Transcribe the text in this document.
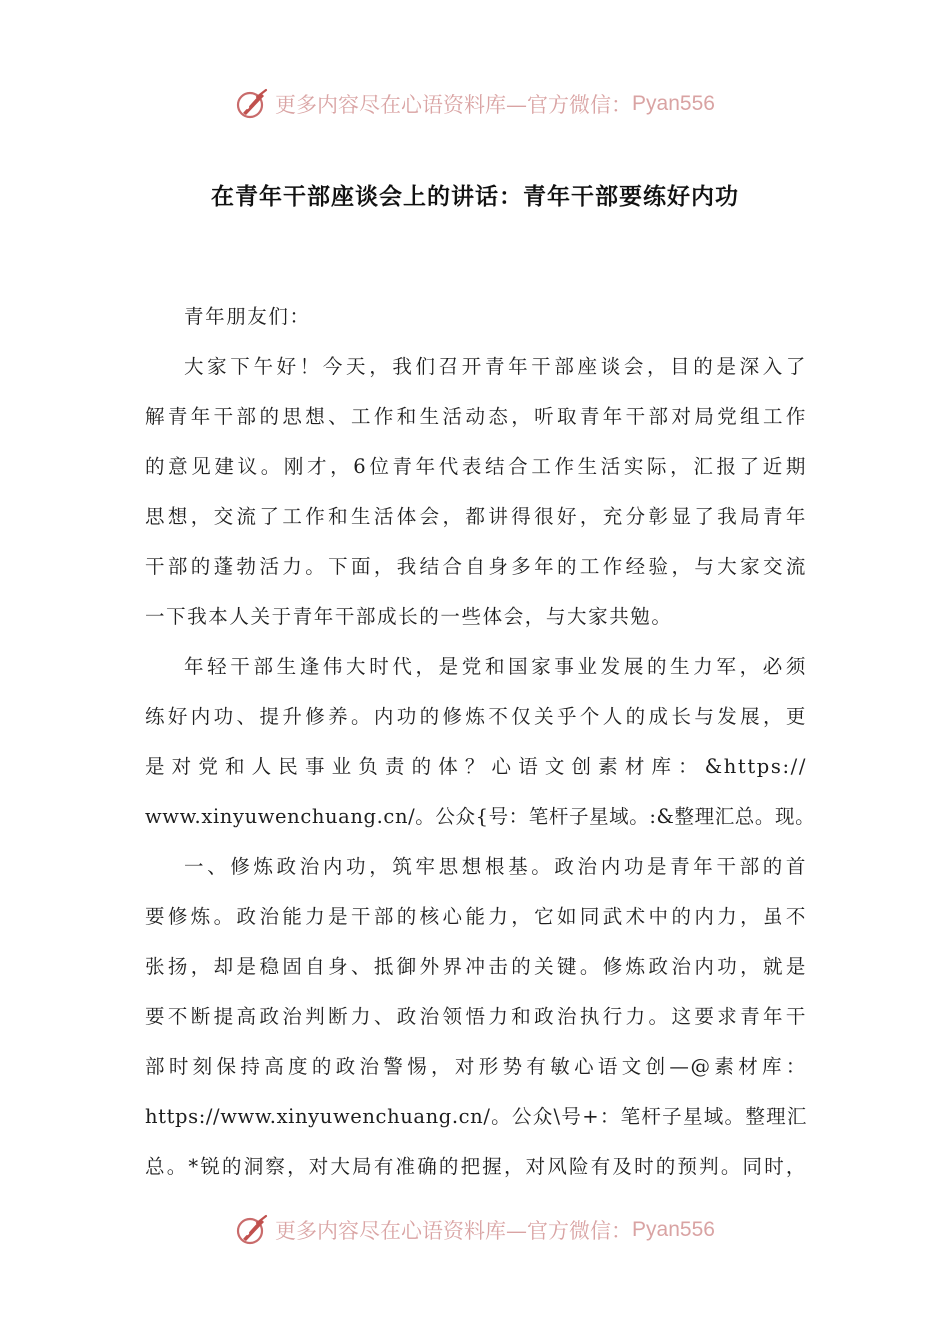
更多内容尽在心语资料库—官方微信： Pyan556
在青年干部座谈会上的讲话：青年干部要练好内功
青年朋友们：
大家下午好！今天，我们召开青年干部座谈会，目的是深入了
解青年干部的思想、工作和生活动态，听取青年干部对局党组工作
的意见建议。刚才，6位青年代表结合工作生活实际，汇报了近期
思想，交流了工作和生活体会，都讲得很好，充分彰显了我局青年
干部的蓬勃活力。下面，我结合自身多年的工作经验，与大家交流
一下我本人关于青年干部成长的一些体会，与大家共勉。
年轻干部生逢伟大时代，是党和国家事业发展的生力军，必须
练好内功、提升修养。内功的修炼不仅关乎个人的成长与发展，更
是对党和人民事业负责的体？心语文创素材库：&https://
www.xinyuwenchuang.cn/。公众{号：笔杆子星域。:&整理汇总。现。
一、修炼政治内功，筑牢思想根基。政治内功是青年干部的首
要修炼。政治能力是干部的核心能力，它如同武术中的内力，虽不
张扬，却是稳固自身、抵御外界冲击的关键。修炼政治内功，就是
要不断提高政治判断力、政治领悟力和政治执行力。这要求青年干
部时刻保持高度的政治警惕，对形势有敏心语文创—@素材库：
https://www.xinyuwenchuang.cn/。公众\号+：笔杆子星域。整理汇
总。*锐的洞察，对大局有准确的把握，对风险有及时的预判。同时，
更多内容尽在心语资料库—官方微信： Pyan556
